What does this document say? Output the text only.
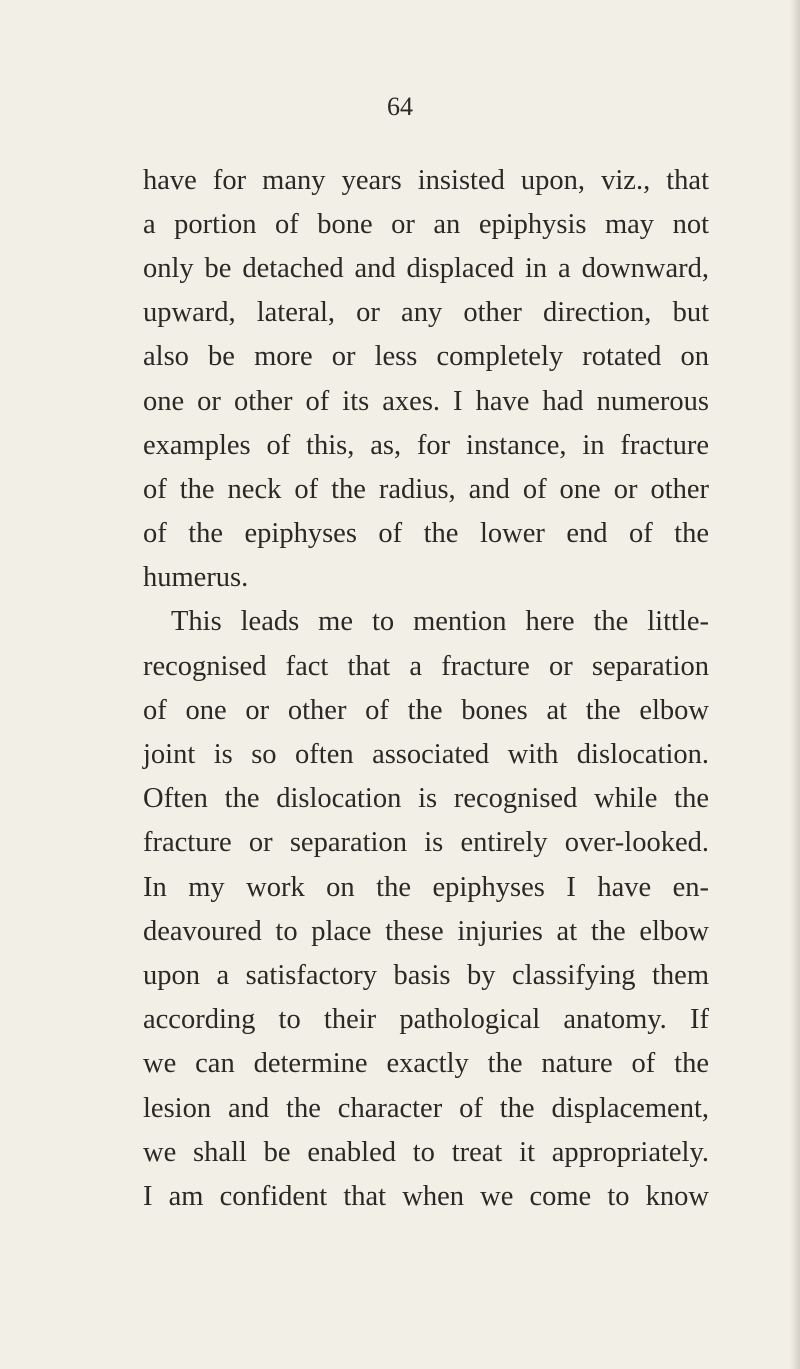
64
have for many years insisted upon, viz., that
a portion of bone or an epiphysis may not
only be detached and displaced in a downward,
upward, lateral, or any other direction, but
also be more or less completely rotated on
one or other of its axes. I have had numerous
examples of this, as, for instance, in fracture
of the neck of the radius, and of one or other
of the epiphyses of the lower end of the
humerus.
This leads me to mention here the little-
recognised fact that a fracture or separation
of one or other of the bones at the elbow
joint is so often associated with dislocation.
Often the dislocation is recognised while the
fracture or separation is entirely over-looked.
In my work on the epiphyses I have en-
deavoured to place these injuries at the elbow
upon a satisfactory basis by classifying them
according to their pathological anatomy. If
we can determine exactly the nature of the
lesion and the character of the displacement,
we shall be enabled to treat it appropriately.
I am confident that when we come to know
